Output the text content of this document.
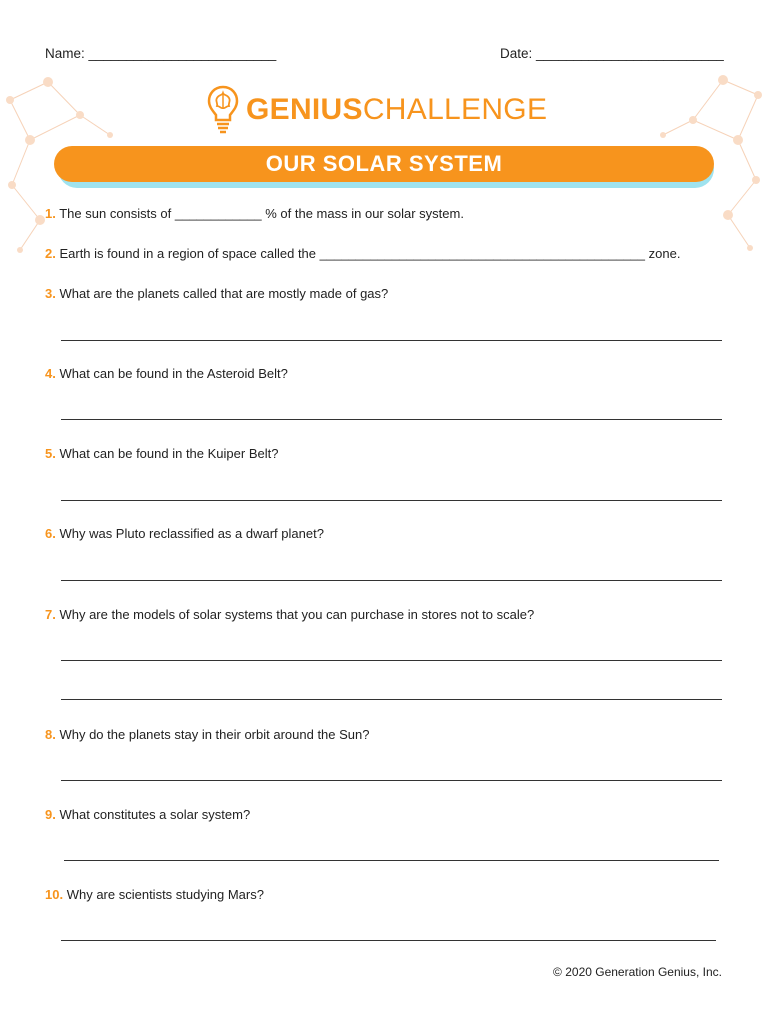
Name: _________________________	Date: _________________________
GENIUSCHALLENGE
OUR SOLAR SYSTEM
1. The sun consists of ____________ % of the mass in our solar system.
2. Earth is found in a region of space called the _____________________________________________ zone.
3. What are the planets called that are mostly made of gas?
4. What can be found in the Asteroid Belt?
5. What can be found in the Kuiper Belt?
6. Why was Pluto reclassified as a dwarf planet?
7. Why are the models of solar systems that you can purchase in stores not to scale?
8. Why do the planets stay in their orbit around the Sun?
9. What constitutes a solar system?
10. Why are scientists studying Mars?
© 2020 Generation Genius, Inc.
